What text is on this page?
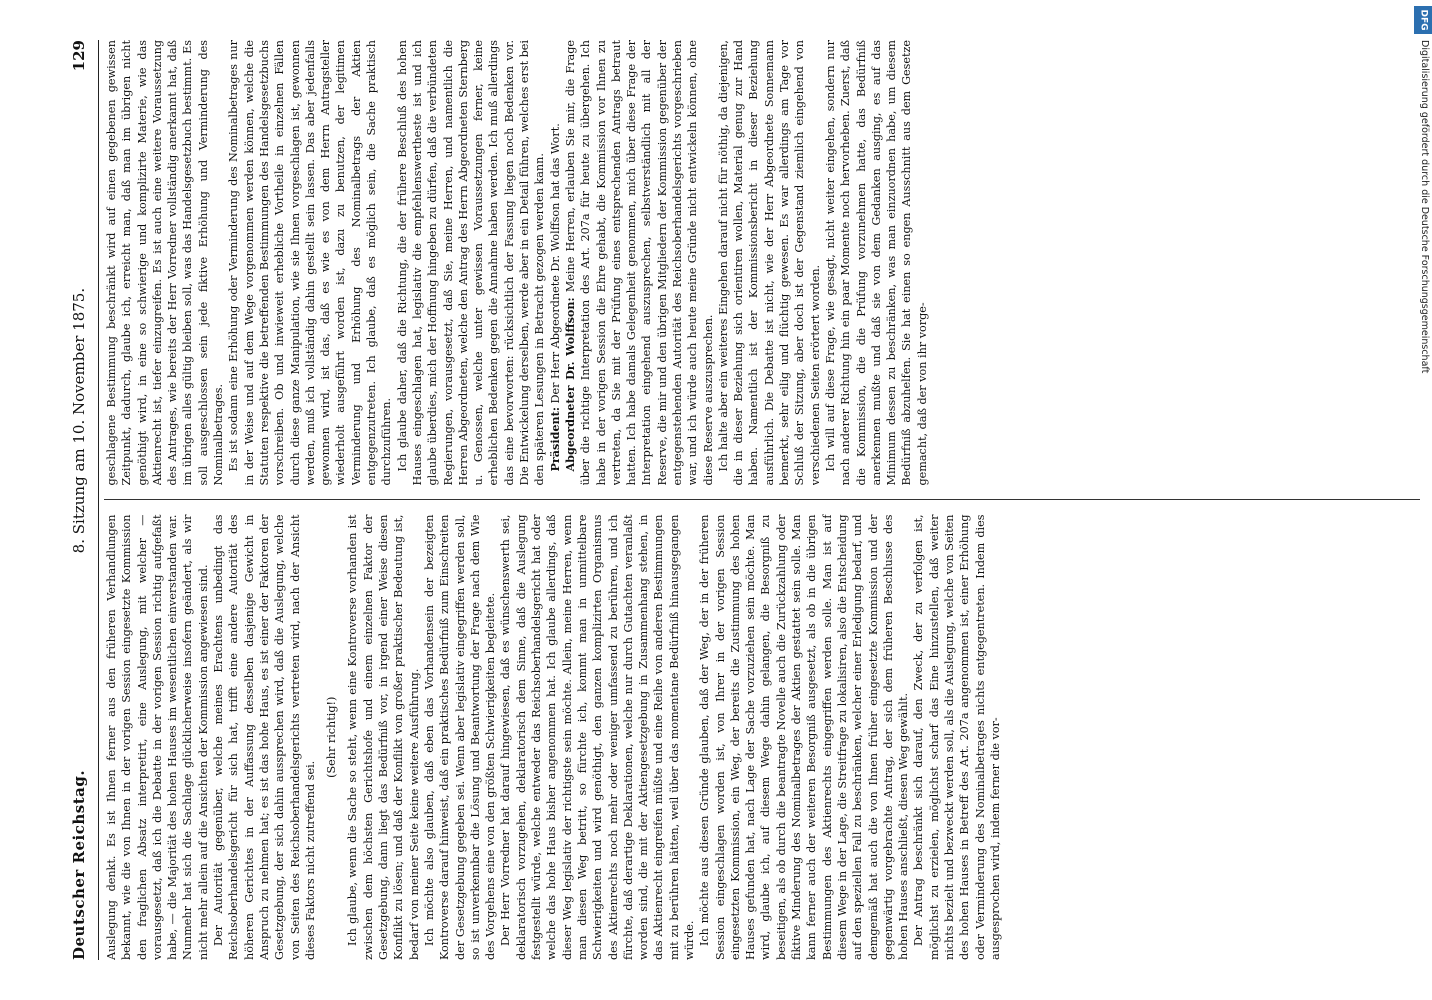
Deutscher Reichstag.
8. Sitzung am 10. November 1875.
129

Auslegung denkt. Es ist Ihnen ferner aus den früheren Verhandlungen bekannt, wie die von Ihnen in der vorigen Session eingesetzte Kommission den fraglichen Absatz interpretirt, eine Auslegung, mit welcher — vorausgesetzt, daß ich die Debatte in der vorigen Session richtig aufgefaßt habe, — die Majorität des hohen Hauses im wesentlichen einverstanden war. Nunmehr hat sich die Sachlage glücklicherweise insofern geändert, als wir nicht mehr allein auf die Ansichten der Kommission angewiesen sind. Der Autorität gegenüber, welche meines Erachtens unbedingt das Reichsoberhandelsgericht für sich hat, trifft eine andere Autorität des höheren Gerichtes in der Auffassung desselben dasjenige Gewicht in Anspruch zu nehmen hat; es ist das hohe Haus, es ist einer der Faktoren der Gesetzgebung, der sich dahin aussprechen wird, daß die Auslegung, welche von Seiten des Reichsoberhandelsgerichts vertreten wird, nach der Ansicht dieses Faktors nicht zutreffend sei.

(Sehr richtig!) Ich glaube, wenn die Sache so steht, wenn eine Kontroverse vorhanden ist zwischen dem höchsten Gerichtshofe und einem einzelnen Faktor der Gesetzgebung, dann liegt das Bedürfniß vor, in irgend einer Weise diesen Konflikt zu lösen; und daß der Konflikt von großer praktischer Bedeutung ist, bedarf von meiner Seite keine weitere Ausführung. Ich möchte also glauben, daß eben das Vorhandensein der bezeigten Kontroverse darauf hinweist, daß ein praktisches Bedürfniß zum Einschreiten der Gesetzgebung gegeben sei. Wenn aber legislativ eingegriffen werden soll, so ist unverkennbar die Lösung und Beantwortung der Frage nach dem Wie des Vorgehens eine von den größten Schwierigkeiten begleitete. Der Herr Vorredner hat darauf hingewiesen, daß es wünschenswerth sei, deklaratorisch vorzugehen, deklaratorisch dem Sinne, daß die Auslegung festgestellt würde, welche entweder das Reichsoberhandelsgericht hat oder welche das hohe Haus bisher angenommen hat. Ich glaube allerdings, daß dieser Weg legislativ der richtigste sein möchte. Allein, meine Herren, wenn man diesen Weg betritt, so fürchte ich, kommt man in unmittelbare Schwierigkeiten und wird genöthigt, den ganzen komplizirten Organismus des Aktienrechts noch mehr oder weniger umfassend zu berühren, und ich fürchte, daß derartige Deklarationen, welche nur durch Gutachten veranlaßt worden sind, die mit der Aktiengesetzgebung in Zusammenhang stehen, in das Aktienrecht eingreifen müßte und eine Reihe von anderen Bestimmungen mit zu berühren hätten, weil über das momentane Bedürfniß hinausgegangen würde. Ich möchte aus diesen Gründe glauben, daß der Weg, der in der früheren Session eingeschlagen worden ist, von Ihrer in der vorigen Session eingesetzten Kommission, ein Weg, der bereits die Zustimmung des hohen Hauses gefunden hat, nach Lage der Sache vorzuziehen sein möchte. Man wird, glaube ich, auf diesem Wege dahin gelangen, die Besorgniß zu beseitigen, als ob durch die beantragte Novelle auch die Zurückzahlung oder fiktive Minderung des Nominalbetrages der Aktien gestattet sein solle. Man kann ferner auch der weiteren Besorgniß ausgesetzt, als ob in die übrigen Bestimmungen des Aktienrechts eingegriffen werden solle. Man ist auf diesem Wege in der Lage, die Streitfrage zu lokalisiren, also die Entscheidung auf den speziellen Fall zu beschränken, welcher einer Erledigung bedarf, und demgemäß hat auch die von Ihnen früher eingesetzte Kommission und der gegenwärtig vorgebrachte Antrag, der sich dem früheren Beschlusse des hohen Hauses anschließt, diesen Weg gewählt. Der Antrag beschränkt sich darauf, den Zweck, der zu verfolgen ist, möglichst zu erzielen, möglichst scharf das Eine hinzustellen, daß weiter nichts bezielt und bezweckt werden soll, als die Auslegung, welche von Seiten des hohen Hauses in Betreff des Art. 207a angenommen ist, einer Erhöhung oder Verminderung des Nominalbetrages nichts entgegentreten. Indem dies ausgesprochen wird, indem ferner die vor-

geschlagene Bestimmung beschränkt wird auf einen gegebenen gewissen Zeitpunkt, dadurch, glaube ich, erreicht man, daß man im übrigen nicht genöthigt wird, in eine so schwierige und komplizirte Materie, wie das Aktienrecht ist, tiefer einzugreifen. Es ist auch eine weitere Voraussetzung des Antrages, wie bereits der Herr Vorredner vollständig anerkannt hat, daß im übrigen alles gültig bleiben soll, was das Handelsgesetzbuch bestimmt. Es soll ausgeschlossen sein jede fiktive Erhöhung und Verminderung des Nominalbetrages. Es ist sodann eine Erhöhung oder Verminderung des Nominalbetrages nur in der Weise und auf dem Wege vorgenommen werden können, welche die Statuten respektive die betreffenden Bestimmungen des Handelsgesetzbuchs vorschreiben. Ob und inwieweit erhebliche Vortheile in einzelnen Fällen durch diese ganze Manipulation, wie sie Ihnen vorgeschlagen ist, gewonnen werden, muß ich vollständig dahin gestellt sein lassen. Das aber jedenfalls gewonnen wird, ist das, daß es wie es von dem Herrn Antragsteller wiederholt ausgeführt worden ist, dazu zu benutzen, der legitimen Verminderung und Erhöhung des Nominalbetrags der Aktien entgegenzutreten. Ich glaube, daß es möglich sein, die Sache praktisch durchzuführen. Ich glaube daher, daß die Richtung, die der frühere Beschluß des hohen Hauses eingeschlagen hat, legislativ die empfehlenswertheste ist und ich glaube überdies, mich der Hoffnung hingeben zu dürfen, daß die verbündeten Regierungen, vorausgesetzt, daß Sie, meine Herren, und namentlich die Herren Abgeordneten, welche den Antrag des Herrn Abgeordneten Sternberg u. Genossen, welche unter gewissen Voraussetzungen ferner, keine erheblichen Bedenken gegen die Annahme haben werden. Ich muß allerdings das eine bevorworten: rücksichtlich der Fassung liegen noch Bedenken vor. Die Entwickelung derselben, werde aber in ein Detail führen, welches erst bei den späteren Lesungen in Betracht gezogen werden kann. Präsident: Der Herr Abgeordnete Dr. Wolffson hat das Wort. Abgeordneter Dr. Wolffson: Meine Herren, erlauben Sie mir, die Frage über die richtige Interpretation des Art. 207a für heute zu übergehen. Ich habe in der vorigen Session die Ehre gehabt, die Kommission vor Ihnen zu vertreten, da Sie mit der Prüfung eines entsprechenden Antrags betraut hatten. Ich habe damals Gelegenheit genommen, mich über diese Frage der Interpretation eingehend auszusprechen, selbstverständlich mit all der Reserve, die mir und den übrigen Mitgliedern der Kommission gegenüber der entgegenstehenden Autorität des Reichsoberhandelsgerichts vorgeschrieben war, und ich würde auch heute meine Gründe nicht entwickeln können, ohne diese Reserve auszusprechen. Ich halte aber ein weiteres Eingehen darauf nicht für nöthig, da diejenigen, die in dieser Beziehung sich orientiren wollen, Material genug zur Hand haben. Namentlich ist der Kommissionsbericht in dieser Beziehung ausführlich. Die Debatte ist nicht, wie der Herr Abgeordnete Sonnemann bemerkt, sehr eilig und flüchtig gewesen. Es war allerdings am Tage vor Schluß der Sitzung, aber doch ist der Gegenstand ziemlich eingehend von verschiedenen Seiten erörtert worden. Ich will auf diese Frage, wie gesagt, nicht weiter eingehen, sondern nur nach anderer Richtung hin ein paar Momente noch hervorheben. Zuerst, daß die Kommission, die die Prüfung vorzunehmen hatte, das Bedürfniß anerkennen mußte und daß sie von dem Gedanken ausging, es auf das Minimum dessen zu beschränken, was man einzuordnen habe, um diesem Bedürfniß abzuhelfen. Sie hat einen so engen Ausschnitt aus dem Gesetze gemacht, daß der von ihr vorge-

DFG
Digitalisierung gefördert durch die Deutsche Forschungsgemeinschaft
